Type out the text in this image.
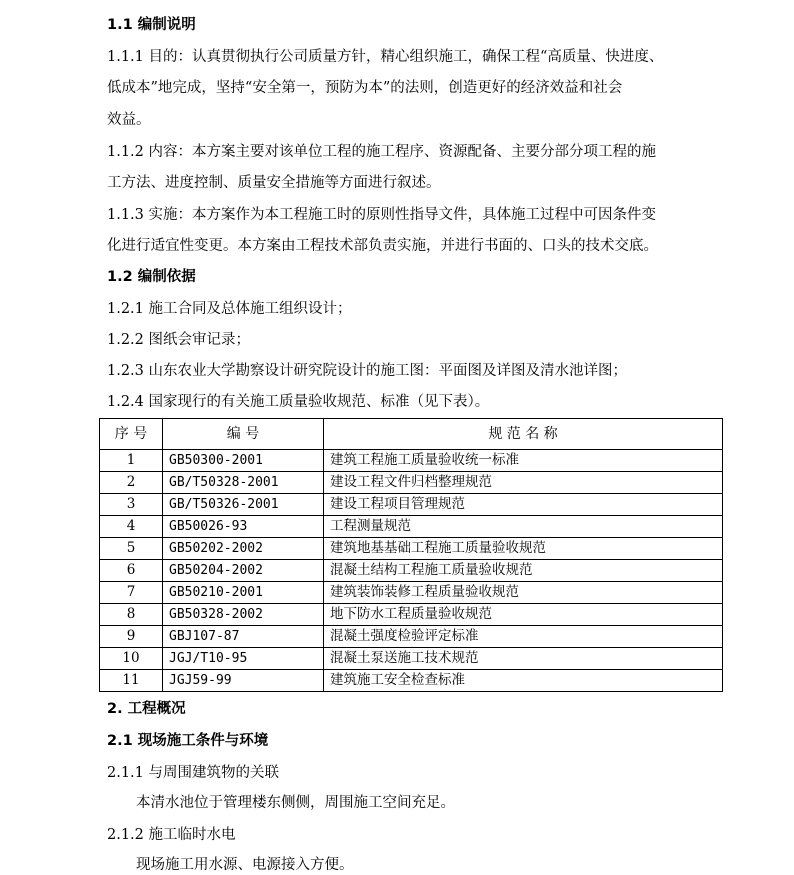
1.1 编制说明
1.1.1 目的：认真贯彻执行公司质量方针，精心组织施工，确保工程“高质量、快进度、
低成本”地完成，坚持“安全第一，预防为本”的法则，创造更好的经济效益和社会
效益。
1.1.2 内容：本方案主要对该单位工程的施工程序、资源配备、主要分部分项工程的施
工方法、进度控制、质量安全措施等方面进行叙述。
1.1.3 实施：本方案作为本工程施工时的原则性指导文件，具体施工过程中可因条件变
化进行适宜性变更。本方案由工程技术部负责实施，并进行书面的、口头的技术交底。
1.2 编制依据
1.2.1 施工合同及总体施工组织设计；
1.2.2 图纸会审记录；
1.2.3 山东农业大学勘察设计研究院设计的施工图：平面图及详图及清水池详图；
1.2.4 国家现行的有关施工质量验收规范、标准（见下表）。
序 号	编 号	规 范 名 称
1	GB50300-2001	建筑工程施工质量验收统一标准
2	GB/T50328-2001	建设工程文件归档整理规范
3	GB/T50326-2001	建设工程项目管理规范
4	GB50026-93	工程测量规范
5	GB50202-2002	建筑地基基础工程施工质量验收规范
6	GB50204-2002	混凝土结构工程施工质量验收规范
7	GB50210-2001	建筑装饰装修工程质量验收规范
8	GB50328-2002	地下防水工程质量验收规范
9	GBJ107-87	混凝土强度检验评定标准
10	JGJ/T10-95	混凝土泵送施工技术规范
11	JGJ59-99	建筑施工安全检查标准
2. 工程概况
2.1 现场施工条件与环境
2.1.1 与周围建筑物的关联
本清水池位于管理楼东侧侧，周围施工空间充足。
2.1.2 施工临时水电
现场施工用水源、电源接入方便。
